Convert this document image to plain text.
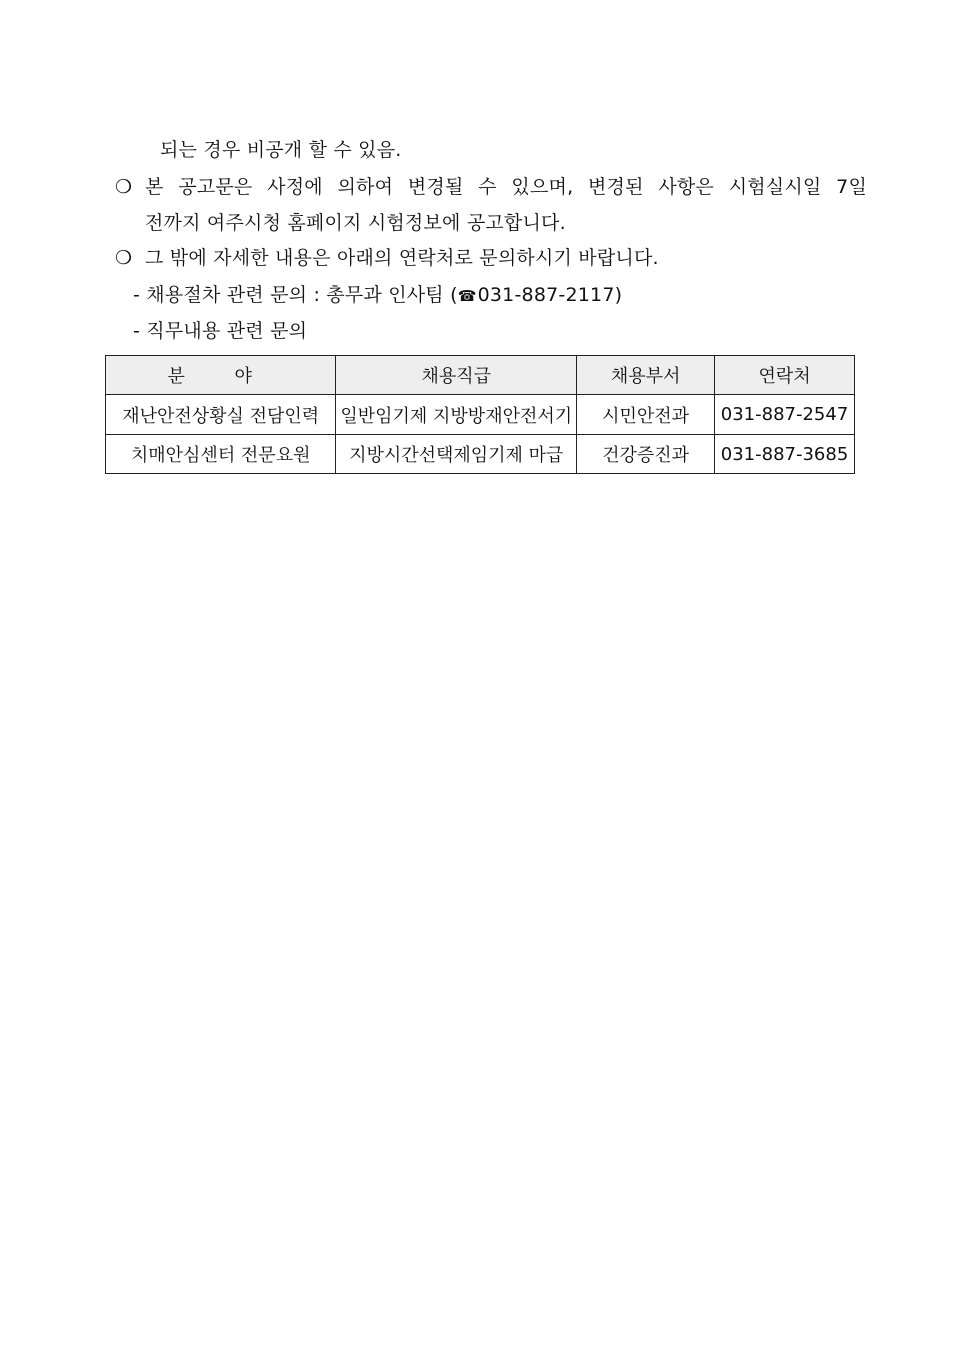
되는 경우 비공개 할 수 있음.
❍ 본 공고문은 사정에 의하여 변경될 수 있으며, 변경된 사항은 시험실시일 7일
전까지 여주시청 홈페이지 시험정보에 공고합니다.
❍ 그 밖에 자세한 내용은 아래의 연락처로 문의하시기 바랍니다.
- 채용절차 관련 문의 : 총무과 인사팀 (☎031-887-2117)
- 직무내용 관련 문의
분 야	채용직급	채용부서	연락처
재난안전상황실 전담인력	일반임기제 지방방재안전서기	시민안전과	031-887-2547
치매안심센터 전문요원	지방시간선택제임기제 마급	건강증진과	031-887-3685
